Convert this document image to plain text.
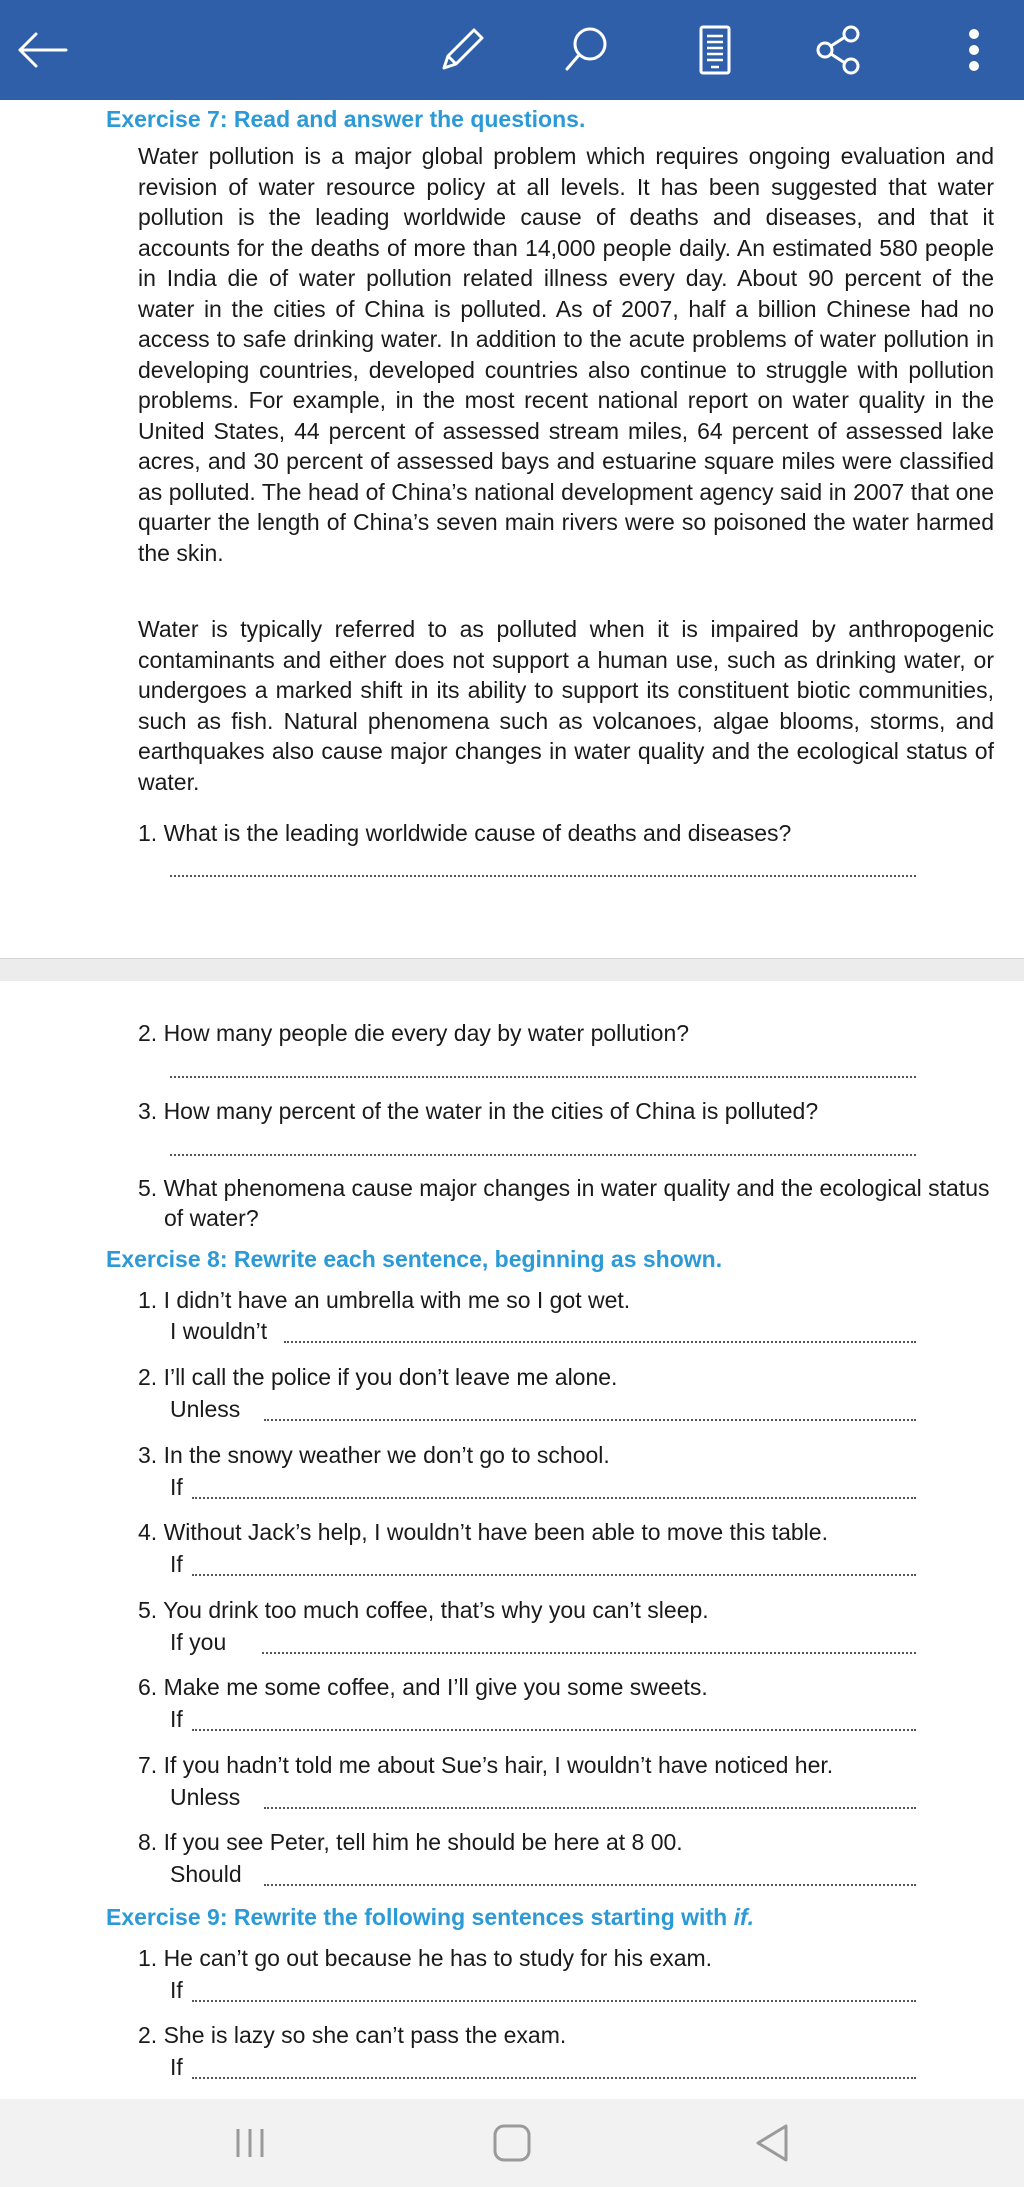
Exercise 7: Read and answer the questions.
Water pollution is a major global problem which requires ongoing evaluation and revision of water resource policy at all levels. It has been suggested that water pollution is the leading worldwide cause of deaths and diseases, and that it accounts for the deaths of more than 14,000 people daily. An estimated 580 people in India die of water pollution related illness every day. About 90 percent of the water in the cities of China is polluted. As of 2007, half a billion Chinese had no access to safe drinking water. In addition to the acute problems of water pollution in developing countries, developed countries also continue to struggle with pollution problems. For example, in the most recent national report on water quality in the United States, 44 percent of assessed stream miles, 64 percent of assessed lake acres, and 30 percent of assessed bays and estuarine square miles were classified as polluted. The head of China’s national development agency said in 2007 that one quarter the length of China’s seven main rivers were so poisoned the water harmed the skin.
Water is typically referred to as polluted when it is impaired by anthropogenic contaminants and either does not support a human use, such as drinking water, or undergoes a marked shift in its ability to support its constituent biotic communities, such as fish. Natural phenomena such as volcanoes, algae blooms, storms, and earthquakes also cause major changes in water quality and the ecological status of water.
1. What is the leading worldwide cause of deaths and diseases?
2. How many people die every day by water pollution?
3. How many percent of the water in the cities of China is polluted?
5. What phenomena cause major changes in water quality and the ecological status of water?
Exercise 8: Rewrite each sentence, beginning as shown.
1. I didn’t have an umbrella with me so I got wet.
I wouldn’t
2. I’ll call the police if you don’t leave me alone.
Unless
3. In the snowy weather we don’t go to school.
If
4. Without Jack’s help, I wouldn’t have been able to move this table.
If
5. You drink too much coffee, that’s why you can’t sleep.
If you
6. Make me some coffee, and I’ll give you some sweets.
If
7. If you hadn’t told me about Sue’s hair, I wouldn’t have noticed her.
Unless
8. If you see Peter, tell him he should be here at 8 00.
Should
Exercise 9: Rewrite the following sentences starting with if.
1. He can’t go out because he has to study for his exam.
If
2. She is lazy so she can’t pass the exam.
If
